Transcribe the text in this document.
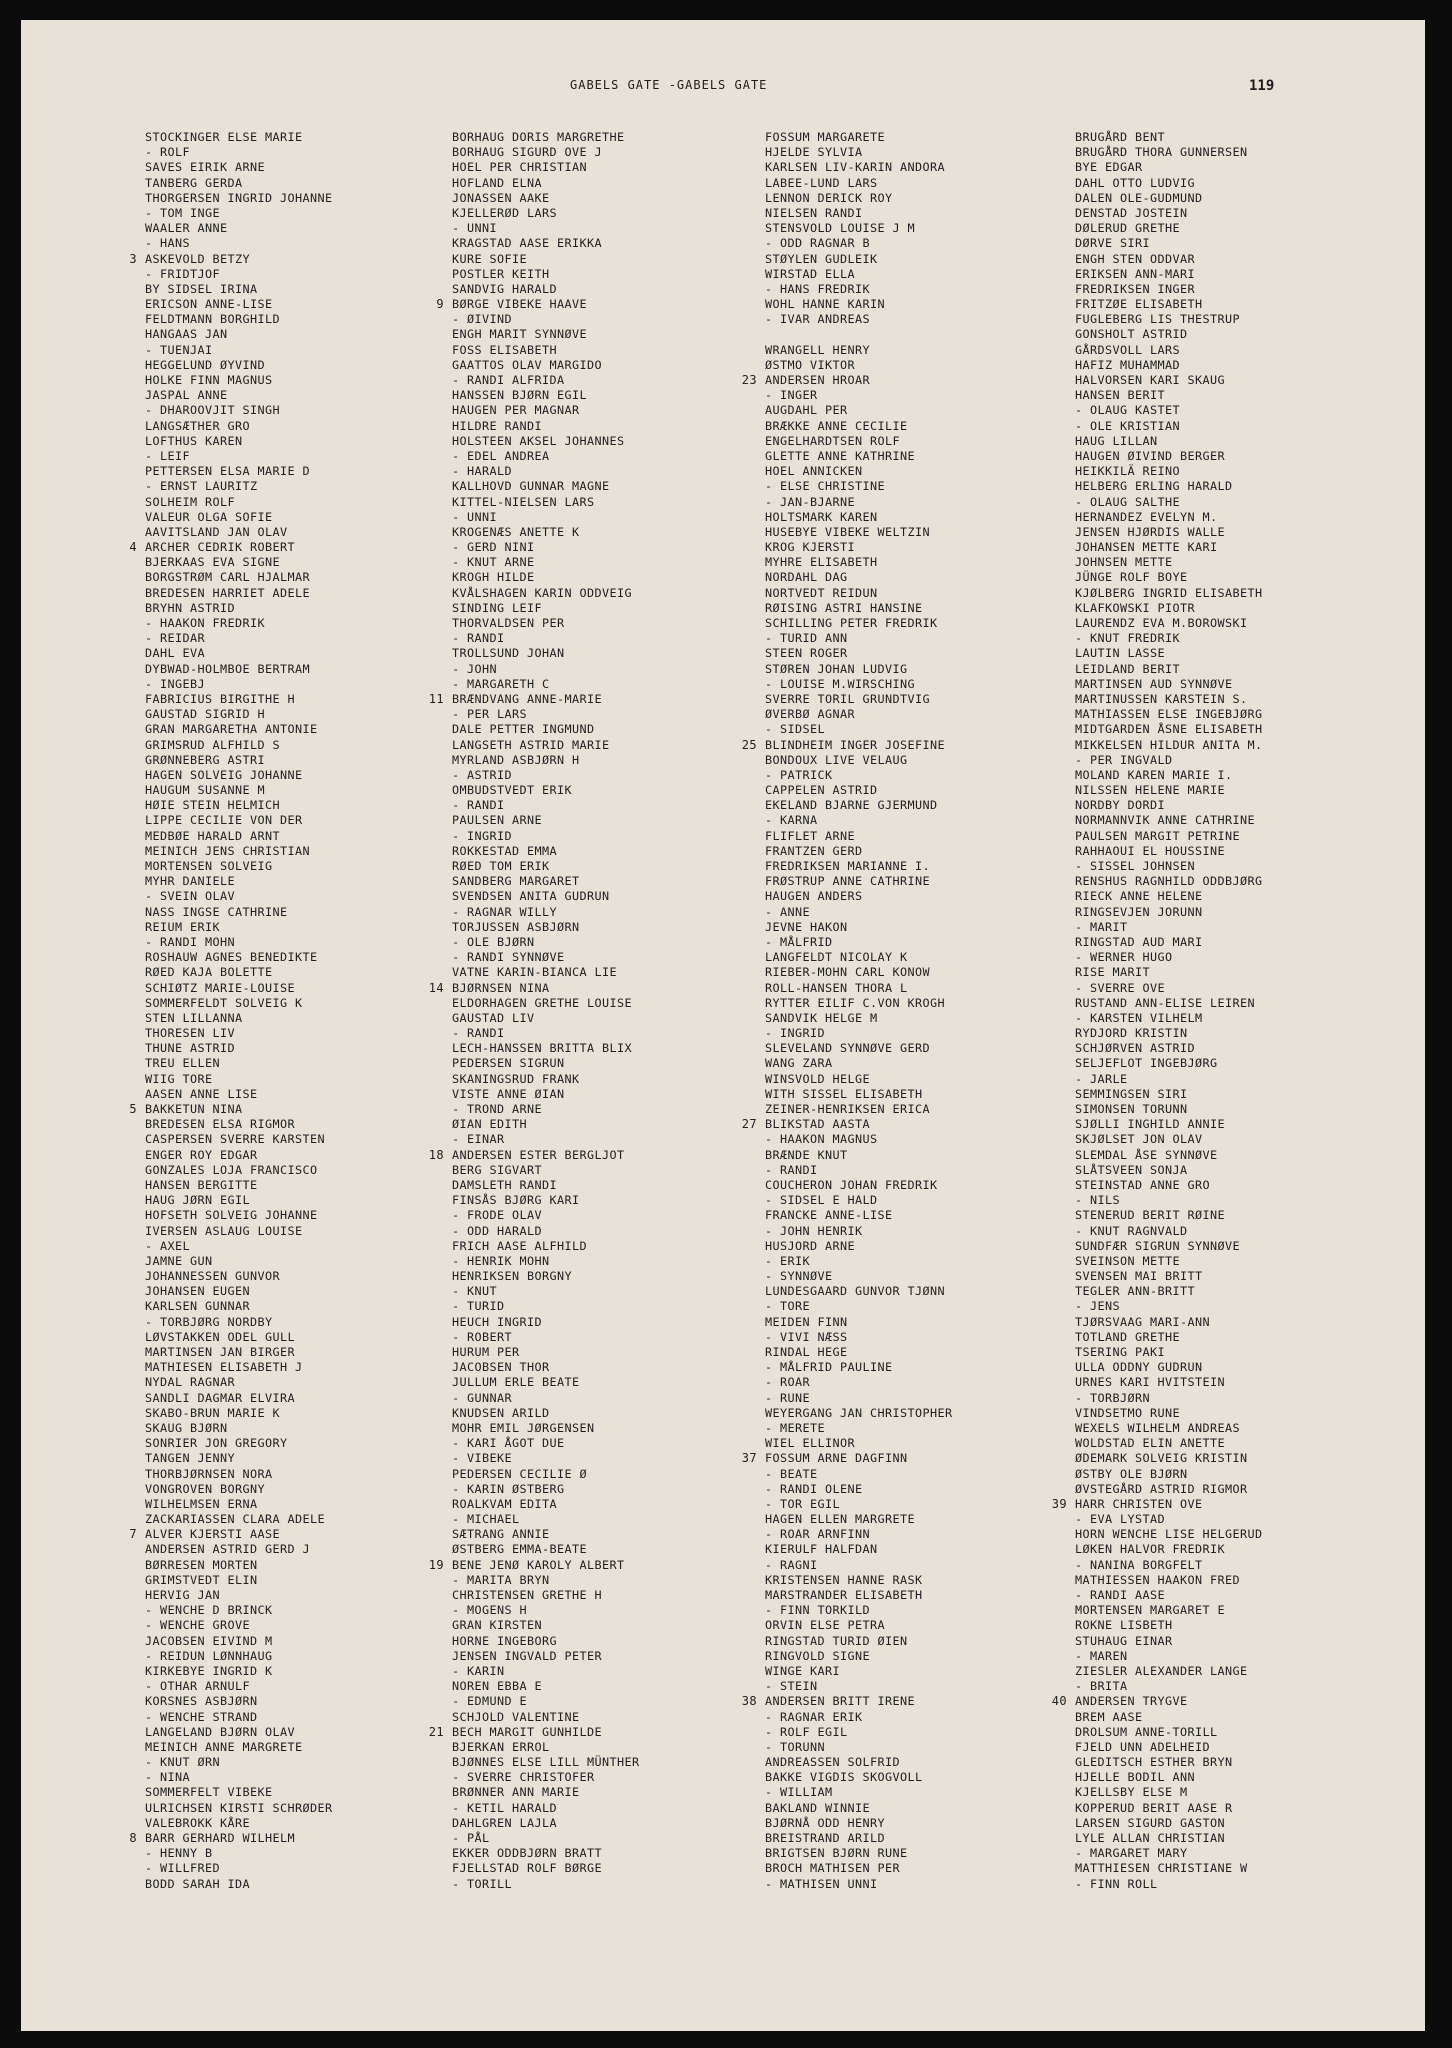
GABELS GATE -GABELS GATE	119
STOCKINGER ELSE MARIE
- ROLF
SAVES EIRIK ARNE
TANBERG GERDA
THORGERSEN INGRID JOHANNE
- TOM INGE
WAALER ANNE
- HANS
3 ASKEVOLD BETZY
- FRIDTJOF
BY SIDSEL IRINA
ERICSON ANNE-LISE
FELDTMANN BORGHILD
HANGAAS JAN
- TUENJAI
HEGGELUND ØYVIND
HOLKE FINN MAGNUS
JASPAL ANNE
- DHAROOVJIT SINGH
LANGSÆTHER GRO
LOFTHUS KAREN
- LEIF
PETTERSEN ELSA MARIE D
- ERNST LAURITZ
SOLHEIM ROLF
VALEUR OLGA SOFIE
AAVITSLAND JAN OLAV
4 ARCHER CEDRIK ROBERT
BJERKAAS EVA SIGNE
BORGSTRØM CARL HJALMAR
BREDESEN HARRIET ADELE
BRYHN ASTRID
- HAAKON FREDRIK
- REIDAR
DAHL EVA
DYBWAD-HOLMBOE BERTRAM
- INGEBJ
FABRICIUS BIRGITHE H
GAUSTAD SIGRID H
GRAN MARGARETHA ANTONIE
GRIMSRUD ALFHILD S
GRØNNEBERG ASTRI
HAGEN SOLVEIG JOHANNE
HAUGUM SUSANNE M
HØIE STEIN HELMICH
LIPPE CECILIE VON DER
MEDBØE HARALD ARNT
MEINICH JENS CHRISTIAN
MORTENSEN SOLVEIG
MYHR DANIELE
- SVEIN OLAV
NASS INGSE CATHRINE
REIUM ERIK
- RANDI MOHN
ROSHAUW AGNES BENEDIKTE
RØED KAJA BOLETTE
SCHIØTZ MARIE-LOUISE
SOMMERFELDT SOLVEIG K
STEN LILLANNA
THORESEN LIV
THUNE ASTRID
TREU ELLEN
WIIG TORE
AASEN ANNE LISE
5 BAKKETUN NINA
BREDESEN ELSA RIGMOR
CASPERSEN SVERRE KARSTEN
ENGER ROY EDGAR
GONZALES LOJA FRANCISCO
HANSEN BERGITTE
HAUG JØRN EGIL
HOFSETH SOLVEIG JOHANNE
IVERSEN ASLAUG LOUISE
- AXEL
JAMNE GUN
JOHANNESSEN GUNVOR
JOHANSEN EUGEN
KARLSEN GUNNAR
- TORBJØRG NORDBY
LØVSTAKKEN ODEL GULL
MARTINSEN JAN BIRGER
MATHIESEN ELISABETH J
NYDAL RAGNAR
SANDLI DAGMAR ELVIRA
SKABO-BRUN MARIE K
SKAUG BJØRN
SONRIER JON GREGORY
TANGEN JENNY
THORBJØRNSEN NORA
VONGROVEN BORGNY
WILHELMSEN ERNA
ZACKARIASSEN CLARA ADELE
7 ALVER KJERSTI AASE
ANDERSEN ASTRID GERD J
BØRRESEN MORTEN
GRIMSTVEDT ELIN
HERVIG JAN
- WENCHE D BRINCK
- WENCHE GROVE
JACOBSEN EIVIND M
- REIDUN LØNNHAUG
KIRKEBYE INGRID K
- OTHAR ARNULF
KORSNES ASBJØRN
- WENCHE STRAND
LANGELAND BJØRN OLAV
MEINICH ANNE MARGRETE
- KNUT ØRN
- NINA
SOMMERFELT VIBEKE
ULRICHSEN KIRSTI SCHRØDER
VALEBROKK KÅRE
8 BARR GERHARD WILHELM
- HENNY B
- WILLFRED
BODD SARAH IDA
BORHAUG DORIS MARGRETHE
BORHAUG SIGURD OVE J
HOEL PER CHRISTIAN
HOFLAND ELNA
JONASSEN AAKE
KJELLERØD LARS
- UNNI
KRAGSTAD AASE ERIKKA
KURE SOFIE
POSTLER KEITH
SANDVIG HARALD
9 BØRGE VIBEKE HAAVE
- ØIVIND
ENGH MARIT SYNNØVE
FOSS ELISABETH
GAATTOS OLAV MARGIDO
- RANDI ALFRIDA
HANSSEN BJØRN EGIL
HAUGEN PER MAGNAR
HILDRE RANDI
HOLSTEEN AKSEL JOHANNES
- EDEL ANDREA
- HARALD
KALLHOVD GUNNAR MAGNE
KITTEL-NIELSEN LARS
- UNNI
KROGENÆS ANETTE K
- GERD NINI
- KNUT ARNE
KROGH HILDE
KVÅLSHAGEN KARIN ODDVEIG
SINDING LEIF
THORVALDSEN PER
- RANDI
TROLLSUND JOHAN
- JOHN
- MARGARETH C
11 BRÆNDVANG ANNE-MARIE
- PER LARS
DALE PETTER INGMUND
LANGSETH ASTRID MARIE
MYRLAND ASBJØRN H
- ASTRID
OMBUDSTVEDT ERIK
- RANDI
PAULSEN ARNE
- INGRID
ROKKESTAD EMMA
RØED TOM ERIK
SANDBERG MARGARET
SVENDSEN ANITA GUDRUN
- RAGNAR WILLY
TORJUSSEN ASBJØRN
- OLE BJØRN
- RANDI SYNNØVE
VATNE KARIN-BIANCA LIE
14 BJØRNSEN NINA
ELDORHAGEN GRETHE LOUISE
GAUSTAD LIV
- RANDI
LECH-HANSSEN BRITTA BLIX
PEDERSEN SIGRUN
SKANINGSRUD FRANK
VISTE ANNE ØIAN
- TROND ARNE
ØIAN EDITH
- EINAR
18 ANDERSEN ESTER BERGLJOT
BERG SIGVART
DAMSLETH RANDI
FINSÅS BJØRG KARI
- FRODE OLAV
- ODD HARALD
FRICH AASE ALFHILD
- HENRIK MOHN
HENRIKSEN BORGNY
- KNUT
- TURID
HEUCH INGRID
- ROBERT
HURUM PER
JACOBSEN THOR
JULLUM ERLE BEATE
- GUNNAR
KNUDSEN ARILD
MOHR EMIL JØRGENSEN
- KARI ÅGOT DUE
- VIBEKE
PEDERSEN CECILIE Ø
- KARIN ØSTBERG
ROALKVAM EDITA
- MICHAEL
SÆTRANG ANNIE
ØSTBERG EMMA-BEATE
19 BENE JENØ KAROLY ALBERT
- MARITA BRYN
CHRISTENSEN GRETHE H
- MOGENS H
GRAN KIRSTEN
HORNE INGEBORG
JENSEN INGVALD PETER
- KARIN
NOREN EBBA E
- EDMUND E
SCHJOLD VALENTINE
21 BECH MARGIT GUNHILDE
BJERKAN ERROL
BJØNNES ELSE LILL MÜNTHER
- SVERRE CHRISTOFER
BRØNNER ANN MARIE
- KETIL HARALD
DAHLGREN LAJLA
- PÅL
EKKER ODDBJØRN BRATT
FJELLSTAD ROLF BØRGE
- TORILL
FOSSUM MARGARETE
HJELDE SYLVIA
KARLSEN LIV-KARIN ANDORA
LABEE-LUND LARS
LENNON DERICK ROY
NIELSEN RANDI
STENSVOLD LOUISE J M
- ODD RAGNAR B
STØYLEN GUDLEIK
WIRSTAD ELLA
- HANS FREDRIK
WOHL HANNE KARIN
- IVAR ANDREAS
WRANGELL HENRY
ØSTMO VIKTOR
23 ANDERSEN HROAR
- INGER
AUGDAHL PER
BRÆKKE ANNE CECILIE
ENGELHARDTSEN ROLF
GLETTE ANNE KATHRINE
HOEL ANNICKEN
- ELSE CHRISTINE
- JAN-BJARNE
HOLTSMARK KAREN
HUSEBYE VIBEKE WELTZIN
KROG KJERSTI
MYHRE ELISABETH
NORDAHL DAG
NORTVEDT REIDUN
RØISING ASTRI HANSINE
SCHILLING PETER FREDRIK
- TURID ANN
STEEN ROGER
STØREN JOHAN LUDVIG
- LOUISE M.WIRSCHING
SVERRE TORIL GRUNDTVIG
ØVERBØ AGNAR
- SIDSEL
25 BLINDHEIM INGER JOSEFINE
BONDOUX LIVE VELAUG
- PATRICK
CAPPELEN ASTRID
EKELAND BJARNE GJERMUND
- KARNA
FLIFLET ARNE
FRANTZEN GERD
FREDRIKSEN MARIANNE I.
FRØSTRUP ANNE CATHRINE
HAUGEN ANDERS
- ANNE
JEVNE HAKON
- MÅLFRID
LANGFELDT NICOLAY K
RIEBER-MOHN CARL KONOW
ROLL-HANSEN THORA L
RYTTER EILIF C.VON KROGH
SANDVIK HELGE M
- INGRID
SLEVELAND SYNNØVE GERD
WANG ZARA
WINSVOLD HELGE
WITH SISSEL ELISABETH
ZEINER-HENRIKSEN ERICA
27 BLIKSTAD AASTA
- HAAKON MAGNUS
BRÆNDE KNUT
- RANDI
COUCHERON JOHAN FREDRIK
- SIDSEL E HALD
FRANCKE ANNE-LISE
- JOHN HENRIK
HUSJORD ARNE
- ERIK
- SYNNØVE
LUNDESGAARD GUNVOR TJØNN
- TORE
MEIDEN FINN
- VIVI NÆSS
RINDAL HEGE
- MÅLFRID PAULINE
- ROAR
- RUNE
WEYERGANG JAN CHRISTOPHER
- MERETE
WIEL ELLINOR
37 FOSSUM ARNE DAGFINN
- BEATE
- RANDI OLENE
- TOR EGIL
HAGEN ELLEN MARGRETE
- ROAR ARNFINN
KIERULF HALFDAN
- RAGNI
KRISTENSEN HANNE RASK
MARSTRANDER ELISABETH
- FINN TORKILD
ORVIN ELSE PETRA
RINGSTAD TURID ØIEN
RINGVOLD SIGNE
WINGE KARI
- STEIN
38 ANDERSEN BRITT IRENE
- RAGNAR ERIK
- ROLF EGIL
- TORUNN
ANDREASSEN SOLFRID
BAKKE VIGDIS SKOGVOLL
- WILLIAM
BAKLAND WINNIE
BJØRNÅ ODD HENRY
BREISTRAND ARILD
BRIGTSEN BJØRN RUNE
BROCH MATHISEN PER
- MATHISEN UNNI
BRUGÅRD BENT
BRUGÅRD THORA GUNNERSEN
BYE EDGAR
DAHL OTTO LUDVIG
DALEN OLE-GUDMUND
DENSTAD JOSTEIN
DØLERUD GRETHE
DØRVE SIRI
ENGH STEN ODDVAR
ERIKSEN ANN-MARI
FREDRIKSEN INGER
FRITZØE ELISABETH
FUGLEBERG LIS THESTRUP
GONSHOLT ASTRID
GÅRDSVOLL LARS
HAFIZ MUHAMMAD
HALVORSEN KARI SKAUG
HANSEN BERIT
- OLAUG KASTET
- OLE KRISTIAN
HAUG LILLAN
HAUGEN ØIVIND BERGER
HEIKKILÄ REINO
HELBERG ERLING HARALD
- OLAUG SALTHE
HERNANDEZ EVELYN M.
JENSEN HJØRDIS WALLE
JOHANSEN METTE KARI
JOHNSEN METTE
JÜNGE ROLF BOYE
KJØLBERG INGRID ELISABETH
KLAFKOWSKI PIOTR
LAURENDZ EVA M.BOROWSKI
- KNUT FREDRIK
LAUTIN LASSE
LEIDLAND BERIT
MARTINSEN AUD SYNNØVE
MARTINUSSEN KARSTEIN S.
MATHIASSEN ELSE INGEBJØRG
MIDTGARDEN ÅSNE ELISABETH
MIKKELSEN HILDUR ANITA M.
- PER INGVALD
MOLAND KAREN MARIE I.
NILSSEN HELENE MARIE
NORDBY DORDI
NORMANNVIK ANNE CATHRINE
PAULSEN MARGIT PETRINE
RAHHAOUI EL HOUSSINE
- SISSEL JOHNSEN
RENSHUS RAGNHILD ODDBJØRG
RIECK ANNE HELENE
RINGSEVJEN JORUNN
- MARIT
RINGSTAD AUD MARI
- WERNER HUGO
RISE MARIT
- SVERRE OVE
RUSTAND ANN-ELISE LEIREN
- KARSTEN VILHELM
RYDJORD KRISTIN
SCHJØRVEN ASTRID
SELJEFLOT INGEBJØRG
- JARLE
SEMMINGSEN SIRI
SIMONSEN TORUNN
SJØLLI INGHILD ANNIE
SKJØLSET JON OLAV
SLEMDAL ÅSE SYNNØVE
SLÅTSVEEN SONJA
STEINSTAD ANNE GRO
- NILS
STENERUD BERIT RØINE
- KNUT RAGNVALD
SUNDFÆR SIGRUN SYNNØVE
SVEINSON METTE
SVENSEN MAI BRITT
TEGLER ANN-BRITT
- JENS
TJØRSVAAG MARI-ANN
TOTLAND GRETHE
TSERING PAKI
ULLA ODDNY GUDRUN
URNES KARI HVITSTEIN
- TORBJØRN
VINDSETMO RUNE
WEXELS WILHELM ANDREAS
WOLDSTAD ELIN ANETTE
ØDEMARK SOLVEIG KRISTIN
ØSTBY OLE BJØRN
ØVSTEGÅRD ASTRID RIGMOR
39 HARR CHRISTEN OVE
- EVA LYSTAD
HORN WENCHE LISE HELGERUD
LØKEN HALVOR FREDRIK
- NANINA BORGFELT
MATHIESSEN HAAKON FRED
- RANDI AASE
MORTENSEN MARGARET E
ROKNE LISBETH
STUHAUG EINAR
- MAREN
ZIESLER ALEXANDER LANGE
- BRITA
40 ANDERSEN TRYGVE
BREM AASE
DROLSUM ANNE-TORILL
FJELD UNN ADELHEID
GLEDITSCH ESTHER BRYN
HJELLE BODIL ANN
KJELLSBY ELSE M
KOPPERUD BERIT AASE R
LARSEN SIGURD GASTON
LYLE ALLAN CHRISTIAN
- MARGARET MARY
MATTHIESEN CHRISTIANE W
- FINN ROLL
